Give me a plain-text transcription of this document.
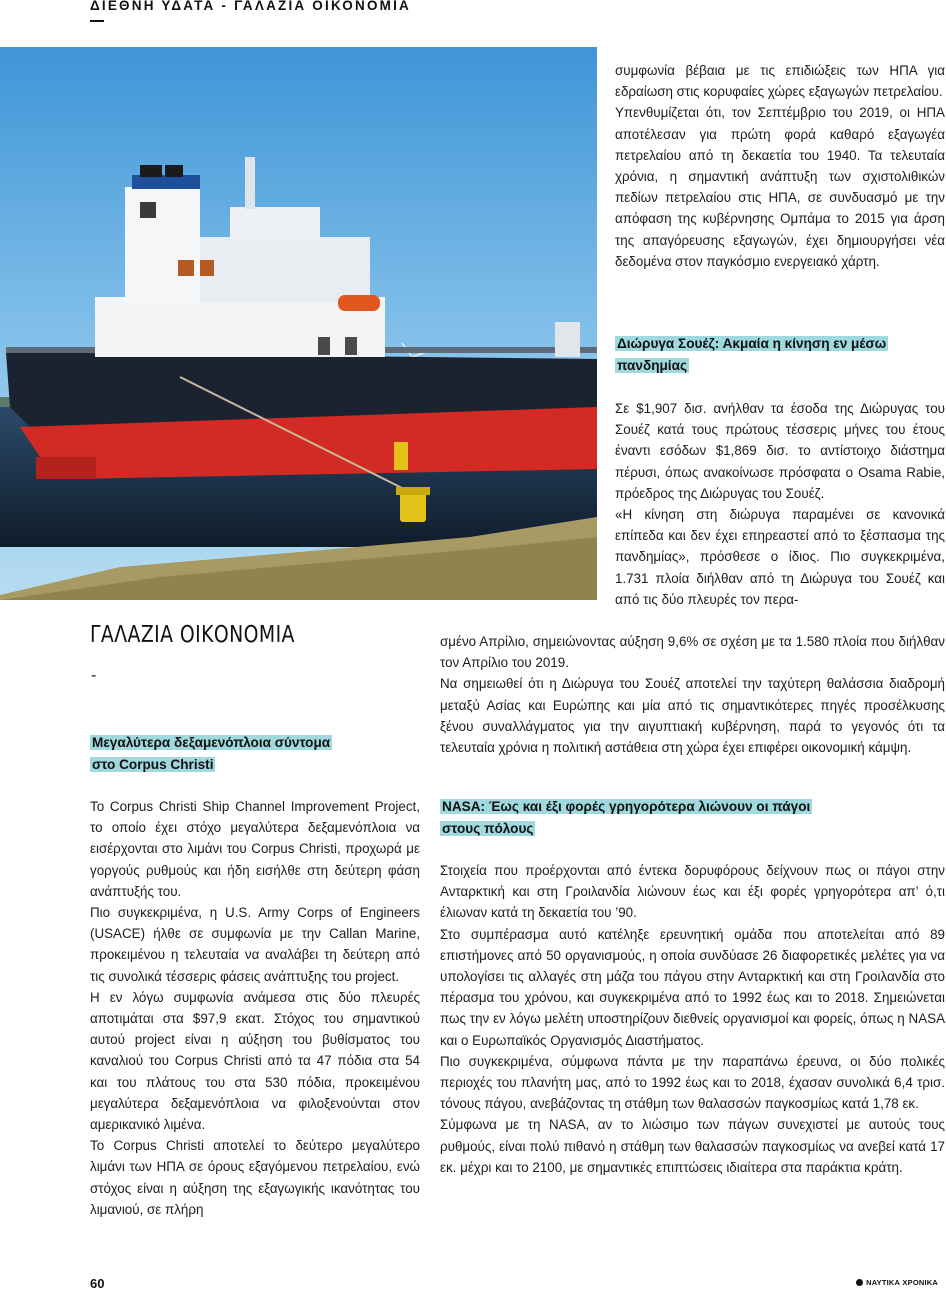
ΔΙΕΘΝΗ ΥΔΑΤΑ - ΓΑΛΑΖΙΑ ΟΙΚΟΝΟΜΙΑ
ΓΑΛΑΖΙΑ ΟΙΚΟΝΟΜΙΑ
-
Μεγαλύτερα δεξαμενόπλοια σύντομα
στο Corpus Christi

Το Corpus Christi Ship Channel Improvement Project, το οποίο έχει στόχο μεγαλύτερα δεξαμενόπλοια να εισέρχονται στο λιμάνι του Corpus Christi, προχωρά με γοργούς ρυθμούς και ήδη εισήλθε στη δεύτερη φάση ανάπτυξής του.

Πιο συγκεκριμένα, η U.S. Army Corps of Engineers (USACE) ήλθε σε συμφωνία με την Callan Marine, προκειμένου η τελευταία να αναλάβει τη δεύτερη από τις συνολικά τέσσερις φάσεις ανάπτυξης του project.

Η εν λόγω συμφωνία ανάμεσα στις δύο πλευρές αποτιμάται στα $97,9 εκατ. Στόχος του σημαντικού αυτού project είναι η αύξηση του βυθίσματος του καναλιού του Corpus Christi από τα 47 πόδια στα 54 και του πλάτους του στα 530 πόδια, προκειμένου μεγαλύτερα δεξαμενόπλοια να φιλοξενούνται στον αμερικανικό λιμένα.

Το Corpus Christi αποτελεί το δεύτερο μεγαλύτερο λιμάνι των ΗΠΑ σε όρους εξαγόμενου πετρελαίου, ενώ στόχος είναι η αύξηση της εξαγωγικής ικανότητας του λιμανιού, σε πλήρη

συμφωνία βέβαια με τις επιδιώξεις των ΗΠΑ για εδραίωση στις κορυφαίες χώρες εξαγωγών πετρελαίου.

Υπενθυμίζεται ότι, τον Σεπτέμβριο του 2019, οι ΗΠΑ αποτέλεσαν για πρώτη φορά καθαρό εξαγωγέα πετρελαίου από τη δεκαετία του 1940. Τα τελευταία χρόνια, η σημαντική ανάπτυξη των σχιστολιθικών πεδίων πετρελαίου στις ΗΠΑ, σε συνδυασμό με την απόφαση της κυβέρνησης Ομπάμα το 2015 για άρση της απαγόρευσης εξαγωγών, έχει δημιουργήσει νέα δεδομένα στον παγκόσμιο ενεργειακό χάρτη.

Διώρυγα Σουέζ: Ακμαία η κίνηση εν μέσω
πανδημίας

Σε $1,907 δισ. ανήλθαν τα έσοδα της Διώρυγας του Σουέζ κατά τους πρώτους τέσσερις μήνες του έτους έναντι εσόδων $1,869 δισ. το αντίστοιχο διάστημα πέρυσι, όπως ανακοίνωσε πρόσφατα ο Osama Rabie, πρόεδρος της Διώρυγας του Σουέζ.

«Η κίνηση στη διώρυγα παραμένει σε κανονικά επίπεδα και δεν έχει επηρεαστεί από το ξέσπασμα της πανδημίας», πρόσθεσε ο ίδιος. Πιο συγκεκριμένα, 1.731 πλοία διήλθαν από τη Διώρυγα του Σουέζ και από τις δύο πλευρές τον περα-

σμένο Απρίλιο, σημειώνοντας αύξηση 9,6% σε σχέση με τα 1.580 πλοία που διήλθαν τον Απρίλιο του 2019.

Να σημειωθεί ότι η Διώρυγα του Σουέζ αποτελεί την ταχύτερη θαλάσσια διαδρομή μεταξύ Ασίας και Ευρώπης και μία από τις σημαντικότερες πηγές προσέλκυσης ξένου συναλλάγματος για την αιγυπτιακή κυβέρνηση, παρά το γεγονός ότι τα τελευταία χρόνια η πολιτική αστάθεια στη χώρα έχει επιφέρει οικονομική κάμψη.

NASA: Έως και έξι φορές γρηγορότερα λιώνουν οι πάγοι
στους πόλους

Στοιχεία που προέρχονται από έντεκα δορυφόρους δείχνουν πως οι πάγοι στην Ανταρκτική και στη Γροιλανδία λιώνουν έως και έξι φορές γρηγορότερα απ’ ό,τι έλιωναν κατά τη δεκαετία του ’90.

Στο συμπέρασμα αυτό κατέληξε ερευνητική ομάδα που αποτελείται από 89 επιστήμονες από 50 οργανισμούς, η οποία συνδύασε 26 διαφορετικές μελέτες για να υπολογίσει τις αλλαγές στη μάζα του πάγου στην Ανταρκτική και στη Γροιλανδία στο πέρασμα του χρόνου, και συγκεκριμένα από το 1992 έως και το 2018. Σημειώνεται πως την εν λόγω μελέτη υποστηρίζουν διεθνείς οργανισμοί και φορείς, όπως η NASA και ο Ευρωπαϊκός Οργανισμός Διαστήματος.

Πιο συγκεκριμένα, σύμφωνα πάντα με την παραπάνω έρευνα, οι δύο πολικές περιοχές του πλανήτη μας, από το 1992 έως και το 2018, έχασαν συνολικά 6,4 τρισ. τόνους πάγου, ανεβάζοντας τη στάθμη των θαλασσών παγκοσμίως κατά 1,78 εκ.

Σύμφωνα με τη NASA, αν το λιώσιμο των πάγων συνεχιστεί με αυτούς τους ρυθμούς, είναι πολύ πιθανό η στάθμη των θαλασσών παγκοσμίως να ανεβεί κατά 17 εκ. μέχρι και το 2100, με σημαντικές επιπτώσεις ιδιαίτερα στα παράκτια κράτη.

60	ΝΑΥΤΙΚΑ ΧΡΟΝΙΚΑ
